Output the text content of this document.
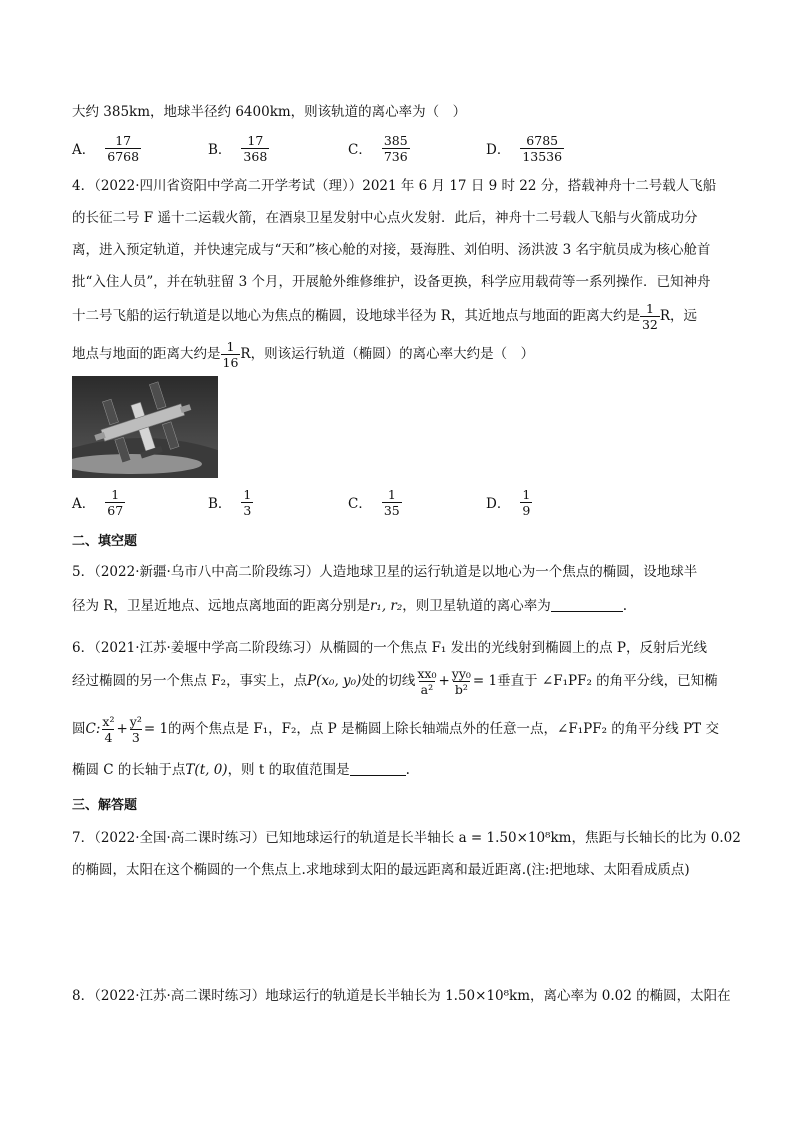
大约 385km，地球半径约 6400km，则该轨道的离心率为（　）
A． $\frac{17}{6768}$	B． $\frac{17}{368}$	C． $\frac{385}{736}$	D． $\frac{6785}{13536}$
4．（2022·四川省资阳中学高二开学考试（理））2021 年 6 月 17 日 9 时 22 分，搭载神舟十二号载人飞船
的长征二号 F 遥十二运载火箭，在酒泉卫星发射中心点火发射．此后，神舟十二号载人飞船与火箭成功分
离，进入预定轨道，并快速完成与“天和”核心舱的对接，聂海胜、刘伯明、汤洪波 3 名宇航员成为核心舱首
批“入住人员”，并在轨驻留 3 个月，开展舱外维修维护，设备更换，科学应用载荷等一系列操作．已知神舟
十二号飞船的运行轨道是以地心为焦点的椭圆，设地球半径为 R，其近地点与地面的距离大约是 $\frac{1}{32}$ R，远
地点与地面的距离大约是 $\frac{1}{16}$ R，则该运行轨道（椭圆）的离心率大约是（　）
A． $\frac{1}{67}$	B． $\frac{1}{3}$	C． $\frac{1}{35}$	D． $\frac{1}{9}$
二、填空题
5．（2022·新疆·乌市八中高二阶段练习）人造地球卫星的运行轨道是以地心为一个焦点的椭圆，设地球半
径为 R，卫星近地点、远地点离地面的距离分别是r₁, r₂，则卫星轨道的离心率为	.
6．（2021·江苏·姜堰中学高二阶段练习）从椭圆的一个焦点 F₁ 发出的光线射到椭圆上的点 P，反射后光线
经过椭圆的另一个焦点 F₂，事实上，点P(x₀, y₀)处的切线 $\frac{\text{xx₀}}{\text{a²}} + \frac{\text{yy₀}}{\text{b²}} = 1$垂直于 ∠F₁PF₂ 的角平分线，已知椭
圆C: $\frac{\text{x²}}{4} + \frac{\text{y²}}{3} = 1$的两个焦点是 F₁，F₂，点 P 是椭圆上除长轴端点外的任意一点，∠F₁PF₂ 的角平分线 PT 交
椭圆 C 的长轴于点T(t, 0)，则 t 的取值范围是	.
三、解答题
7．（2022·全国·高二课时练习）已知地球运行的轨道是长半轴长 a = 1.50×10⁸km，焦距与长轴长的比为 0.02
的椭圆，太阳在这个椭圆的一个焦点上.求地球到太阳的最远距离和最近距离.(注:把地球、太阳看成质点)
8．（2022·江苏·高二课时练习）地球运行的轨道是长半轴长为 1.50×10⁸km，离心率为 0.02 的椭圆，太阳在
